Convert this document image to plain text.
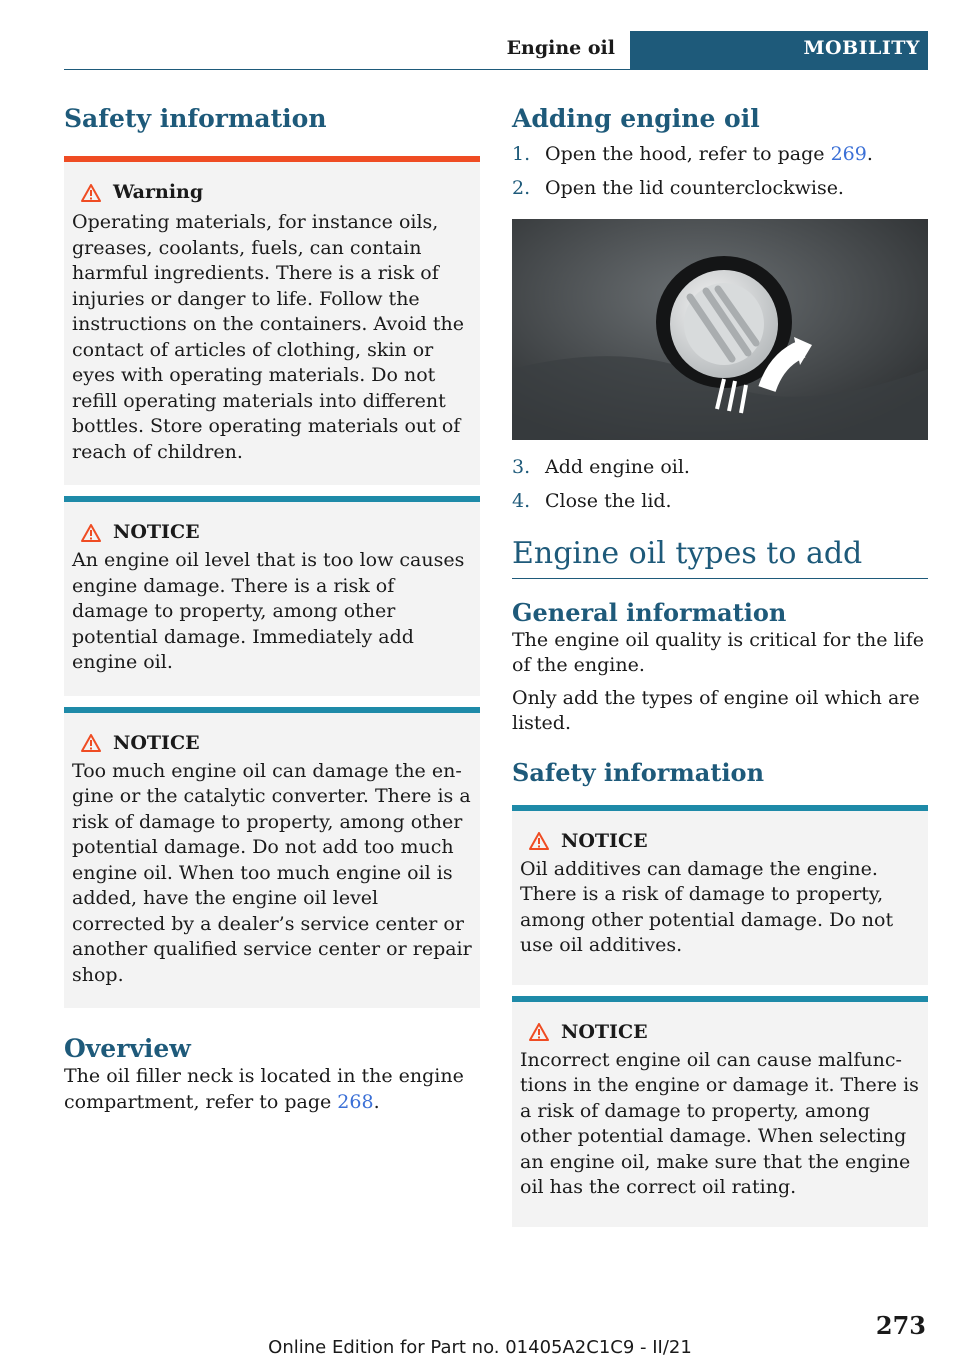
Engine oil	MOBILITY
Safety information
Warning

Operating materials, for instance oils, greases, coolants, fuels, can contain harmful ingredients. There is a risk of injuries or danger to life. Follow the instructions on the containers. Avoid the contact of articles of clothing, skin or eyes with operating materials. Do not refill operating materials into different bottles. Store operating materials out of reach of children.

NOTICE

An engine oil level that is too low causes engine damage. There is a risk of damage to property, among other potential damage. Immediately add engine oil.

NOTICE

Too much engine oil can damage the engine or the catalytic converter. There is a risk of damage to property, among other potential damage. Do not add too much engine oil. When too much engine oil is added, have the engine oil level corrected by a dealer’s service center or another qualified service center or repair shop.

Overview

The oil filler neck is located in the engine compartment, refer to page 268.

Adding engine oil
1. Open the hood, refer to page 269.
2. Open the lid counterclockwise.
3. Add engine oil.
4. Close the lid.
Engine oil types to add
General information

The engine oil quality is critical for the life of the engine.

Only add the types of engine oil which are listed.

Safety information
NOTICE

Oil additives can damage the engine. There is a risk of damage to property, among other potential damage. Do not use oil additives.

NOTICE

Incorrect engine oil can cause malfunctions in the engine or damage it. There is a risk of damage to property, among other potential damage. When selecting an engine oil, make sure that the engine oil has the correct oil rating.

273
Online Edition for Part no. 01405A2C1C9 - II/21
